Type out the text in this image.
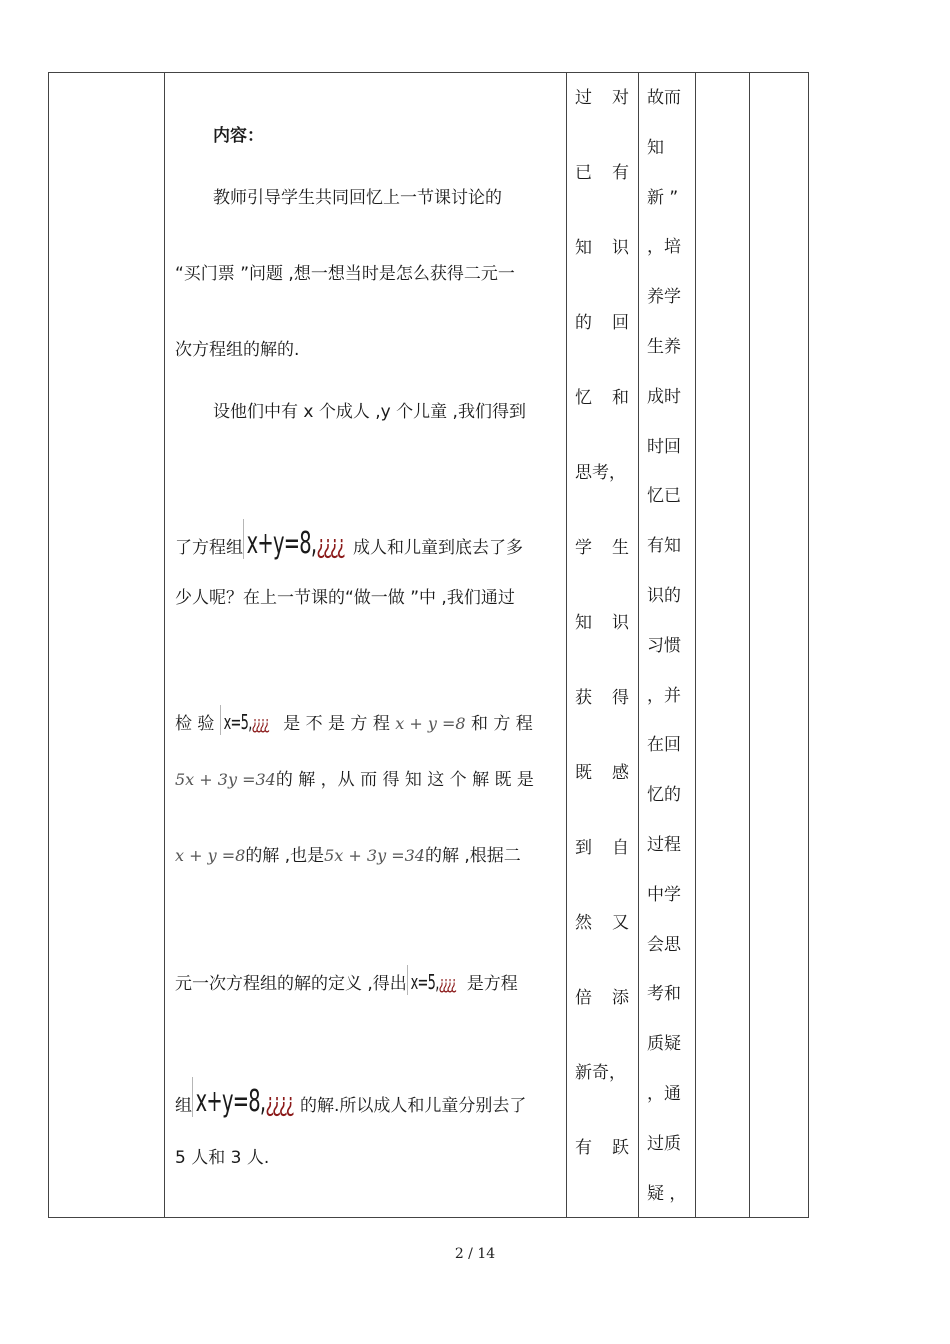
内容：
教师引导学生共同回忆上一节课讨论的
“买门票 ”问题 ,想一想当时是怎么获得二元一
次方程组的解的.
设他们中有 x 个成人 ,y 个儿童 ,我们得到
了方程组 x+y=8,¿¿¿¿ 成人和儿童到底去了多
少人呢？在上一节课的“做一做 ”中 ,我们通过
检 验 x=5,¿¿¿¿ 是 不 是 方 程 x + y =8 和 方 程
5x + 3y =34的 解 ，从 而 得 知 这 个 解 既 是
x + y =8的解 ,也是5x + 3y =34的解 ,根据二
元一次方程组的解的定义 ,得出 x=5,¿¿¿¿ 是方程
组 x+y=8,¿¿¿¿ 的解.所以成人和儿童分别去了
5 人和 3 人.
过 对
已 有
知 识
的 回
忆 和
思考，
学 生
知 识
获 得
既 感
到 自
然 又
倍 添
新奇，
有 跃
故而
知
新 ”
，培
养学
生养
成时
时回
忆已
有知
识的
习惯
，并
在回
忆的
过程
中学
会思
考和
质疑
，通
过质
疑 ，
2 / 14
